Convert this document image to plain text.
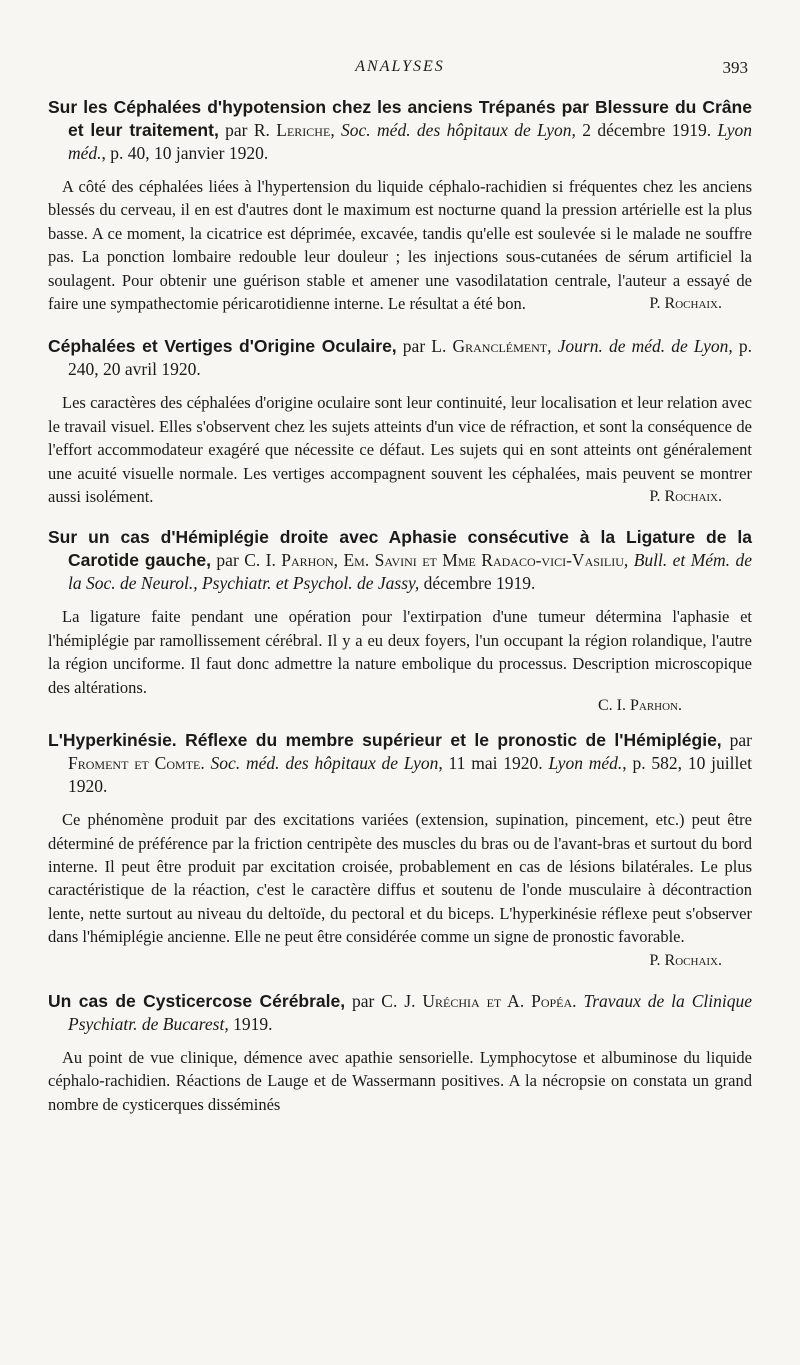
ANALYSES	393

Sur les Céphalées d'hypotension chez les anciens Trépanés par Blessure du Crâne et leur traitement, par R. Leriche, Soc. méd. des hôpitaux de Lyon, 2 décembre 1919. Lyon méd., p. 40, 10 janvier 1920.

A côté des céphalées liées à l'hypertension du liquide céphalo-rachidien si fréquentes chez les anciens blessés du cerveau, il en est d'autres dont le maximum est nocturne quand la pression artérielle est la plus basse. A ce moment, la cicatrice est déprimée, excavée, tandis qu'elle est soulevée si le malade ne souffre pas. La ponction lombaire redouble leur douleur ; les injections sous-cutanées de sérum artificiel la soulagent. Pour obtenir une guérison stable et amener une vasodilatation centrale, l'auteur a essayé de faire une sympathectomie péricarotidienne interne. Le résultat a été bon.	P. Rochaix.

Céphalées et Vertiges d'Origine Oculaire, par L. Granclément, Journ. de méd. de Lyon, p. 240, 20 avril 1920.

Les caractères des céphalées d'origine oculaire sont leur continuité, leur localisation et leur relation avec le travail visuel. Elles s'observent chez les sujets atteints d'un vice de réfraction, et sont la conséquence de l'effort accommodateur exagéré que nécessite ce défaut. Les sujets qui en sont atteints ont généralement une acuité visuelle normale. Les vertiges accompagnent souvent les céphalées, mais peuvent se montrer aussi isolément.	P. Rochaix.

Sur un cas d'Hémiplégie droite avec Aphasie consécutive à la Ligature de la Carotide gauche, par C. I. Parhon, Em. Savini et Mme Radaco-vici-Vasiliu, Bull. et Mém. de la Soc. de Neurol., Psychiatr. et Psychol. de Jassy, décembre 1919.

La ligature faite pendant une opération pour l'extirpation d'une tumeur détermina l'aphasie et l'hémiplégie par ramollissement cérébral. Il y a eu deux foyers, l'un occupant la région rolandique, l'autre la région unciforme. Il faut donc admettre la nature embolique du processus. Description microscopique des altérations.

C. I. Parhon.

L'Hyperkinésie. Réflexe du membre supérieur et le pronostic de l'Hémiplégie, par Froment et Comte. Soc. méd. des hôpitaux de Lyon, 11 mai 1920. Lyon méd., p. 582, 10 juillet 1920.

Ce phénomène produit par des excitations variées (extension, supination, pincement, etc.) peut être déterminé de préférence par la friction centripète des muscles du bras ou de l'avant-bras et surtout du bord interne. Il peut être produit par excitation croisée, probablement en cas de lésions bilatérales. Le plus caractéristique de la réaction, c'est le caractère diffus et soutenu de l'onde musculaire à décontraction lente, nette surtout au niveau du deltoïde, du pectoral et du biceps. L'hyperkinésie réflexe peut s'observer dans l'hémiplégie ancienne. Elle ne peut être considérée comme un signe de pronostic favorable.
P. Rochaix.

Un cas de Cysticercose Cérébrale, par C. J. Uréchia et A. Popéa. Travaux de la Clinique Psychiatr. de Bucarest, 1919.

Au point de vue clinique, démence avec apathie sensorielle. Lymphocytose et albuminose du liquide céphalo-rachidien. Réactions de Lauge et de Wassermann positives. A la nécropsie on constata un grand nombre de cysticerques disséminés
